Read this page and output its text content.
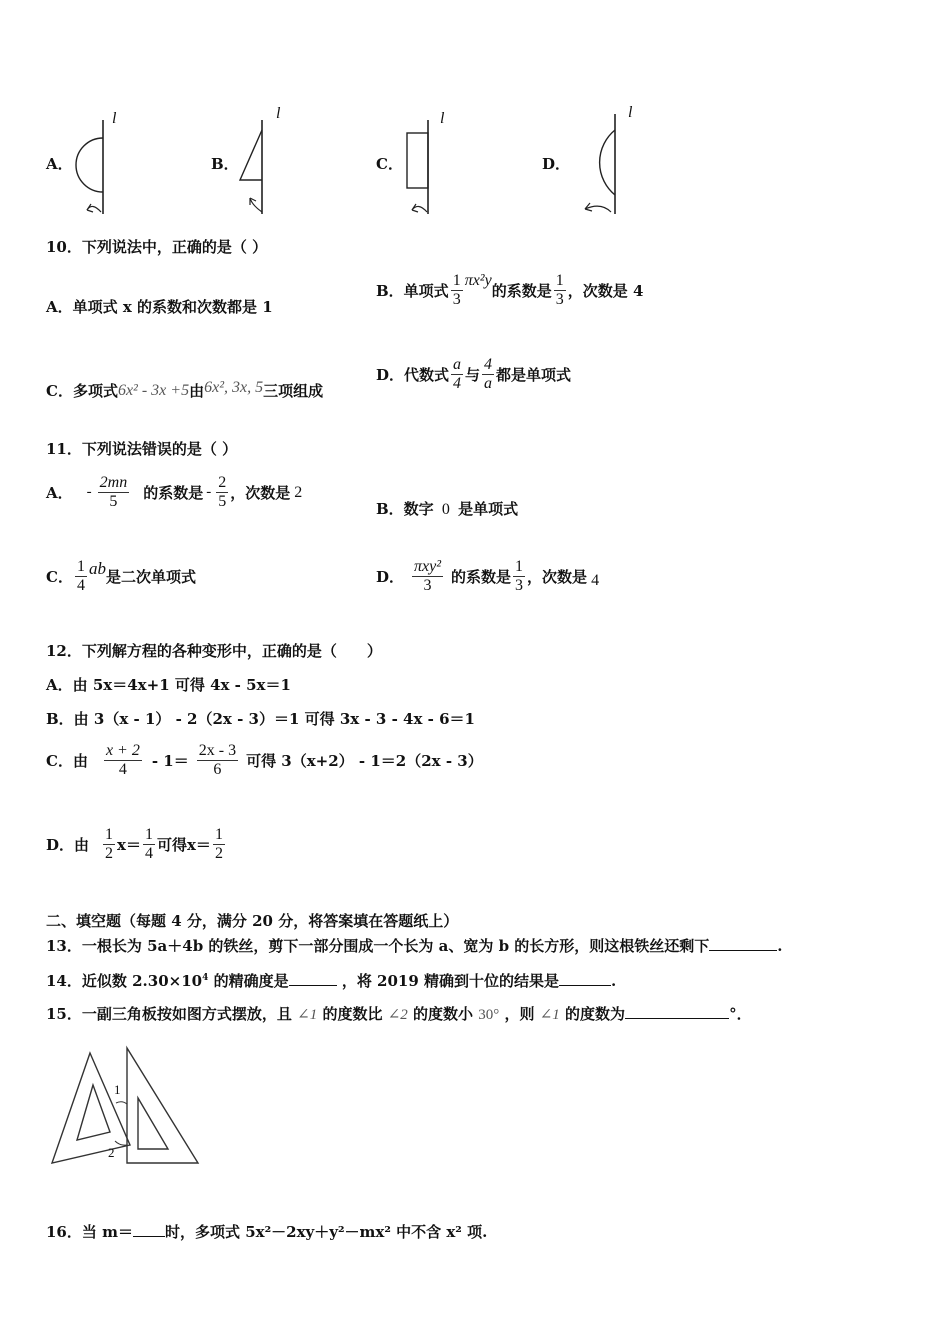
A．
l
B．
l
C．
l
D．
l
10．下列说法中，正确的是（ ）
A．单项式 x 的系数和次数都是 1
B．单项式 $\frac{1}{3} \pi x^2y$
的系数是 $\frac{1}{3}$ ，次数是 4
C．多项式 6x² - 3x +5 由 6x², 3x, 5 三项组成
D．代数式 $\frac{a}{4}$ 与 $\frac{4}{a}$ 都是单项式
11．下列说法错误的是（ ）
A． - $\frac{2mn}{5}$ 的系数是 - $\frac{2}{5}$ ，次数是 2
B．数字 0 是单项式
C． $\frac{1}{4}$ ab 是二次单项式	D． $\frac{\text{πxy²}}{3}$ 的系数是 $\frac{1}{3}$ ，次数是 4
12．下列解方程的各种变形中，正确的是（　　）
A．由 5x＝4x+1 可得 4x - 5x＝1
B．由 3（x - 1） - 2（2x - 3）＝1 可得 3x - 3 - 4x - 6＝1
C．由 $\frac{x + 2}{4} - 1= \frac{2x - 3}{6}$ 可得 3（x+2） - 1＝2（2x - 3）
D．由 $\frac{1}{2} x= \frac{1}{4}$ 可得 $x= \frac{1}{2}$
二、填空题（每题 4 分，满分 20 分，将答案填在答题纸上）
13．一根长为 5a＋4b 的铁丝，剪下一部分围成一个长为 a、宽为 b 的长方形，则这根铁丝还剩下	.
14．近似数 $2.30\times 10^4$ 的精确度是	，将 2019 精确到十位的结果是	.
15．一副三角板按如图方式摆放，且 ∠1 的度数比 ∠2 的度数小 30° ，则 ∠1 的度数为	°．
1
2
16．当 m＝ 时，多项式 5x²－2xy＋y²－mx² 中不含 x² 项.
